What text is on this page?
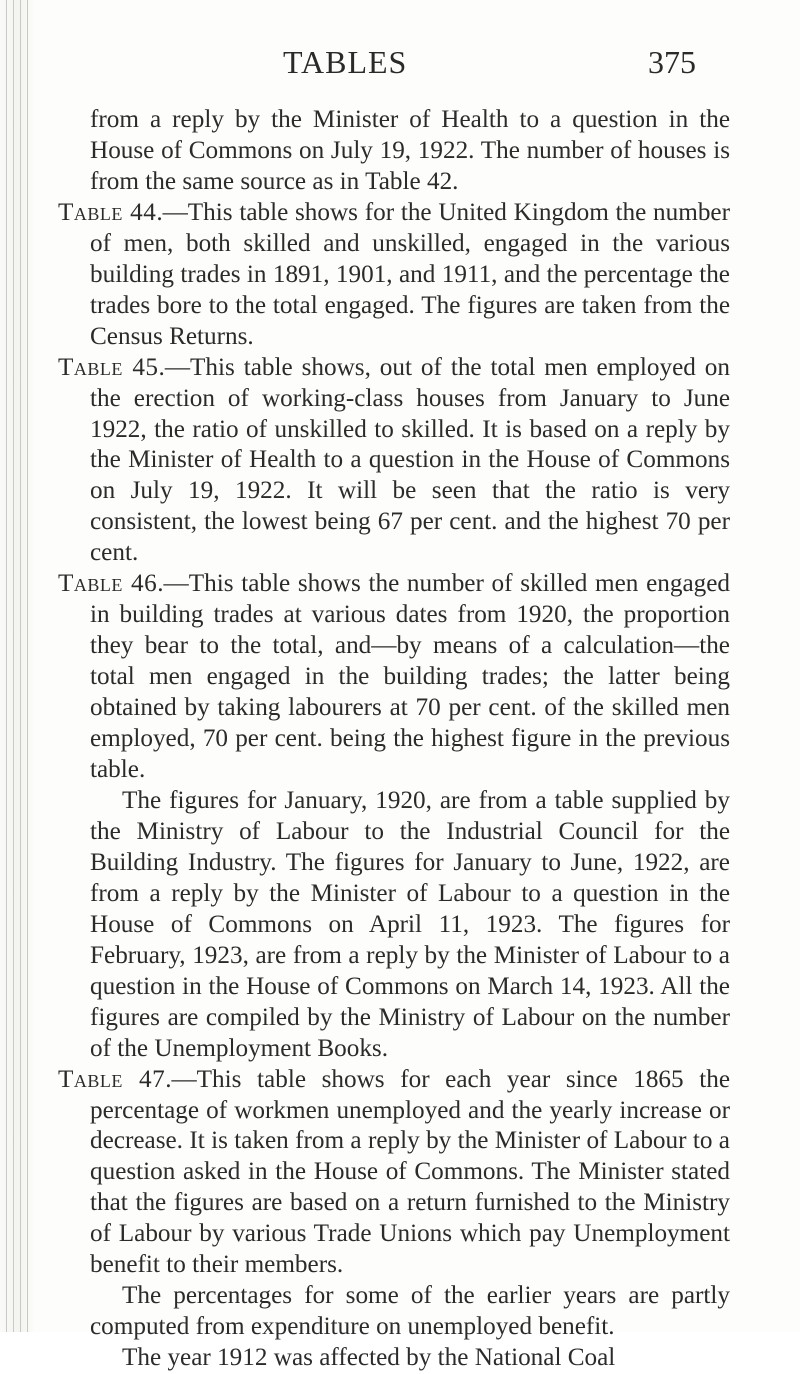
TABLES	375

from a reply by the Minister of Health to a question in the House of Commons on July 19, 1922. The number of houses is from the same source as in Table 42.

Table 44.—This table shows for the United Kingdom the number of men, both skilled and unskilled, engaged in the various building trades in 1891, 1901, and 1911, and the percentage the trades bore to the total engaged. The figures are taken from the Census Returns.

Table 45.—This table shows, out of the total men employed on the erection of working-class houses from January to June 1922, the ratio of unskilled to skilled. It is based on a reply by the Minister of Health to a question in the House of Commons on July 19, 1922. It will be seen that the ratio is very consistent, the lowest being 67 per cent. and the highest 70 per cent.

Table 46.—This table shows the number of skilled men engaged in building trades at various dates from 1920, the proportion they bear to the total, and—by means of a calculation—the total men engaged in the building trades; the latter being obtained by taking labourers at 70 per cent. of the skilled men employed, 70 per cent. being the highest figure in the previous table.

The figures for January, 1920, are from a table supplied by the Ministry of Labour to the Industrial Council for the Building Industry. The figures for January to June, 1922, are from a reply by the Minister of Labour to a question in the House of Commons on April 11, 1923. The figures for February, 1923, are from a reply by the Minister of Labour to a question in the House of Commons on March 14, 1923. All the figures are compiled by the Ministry of Labour on the number of the Unemployment Books.

Table 47.—This table shows for each year since 1865 the percentage of workmen unemployed and the yearly increase or decrease. It is taken from a reply by the Minister of Labour to a question asked in the House of Commons. The Minister stated that the figures are based on a return furnished to the Ministry of Labour by various Trade Unions which pay Unemployment benefit to their members.

The percentages for some of the earlier years are partly computed from expenditure on unemployed benefit.

The year 1912 was affected by the National Coal
